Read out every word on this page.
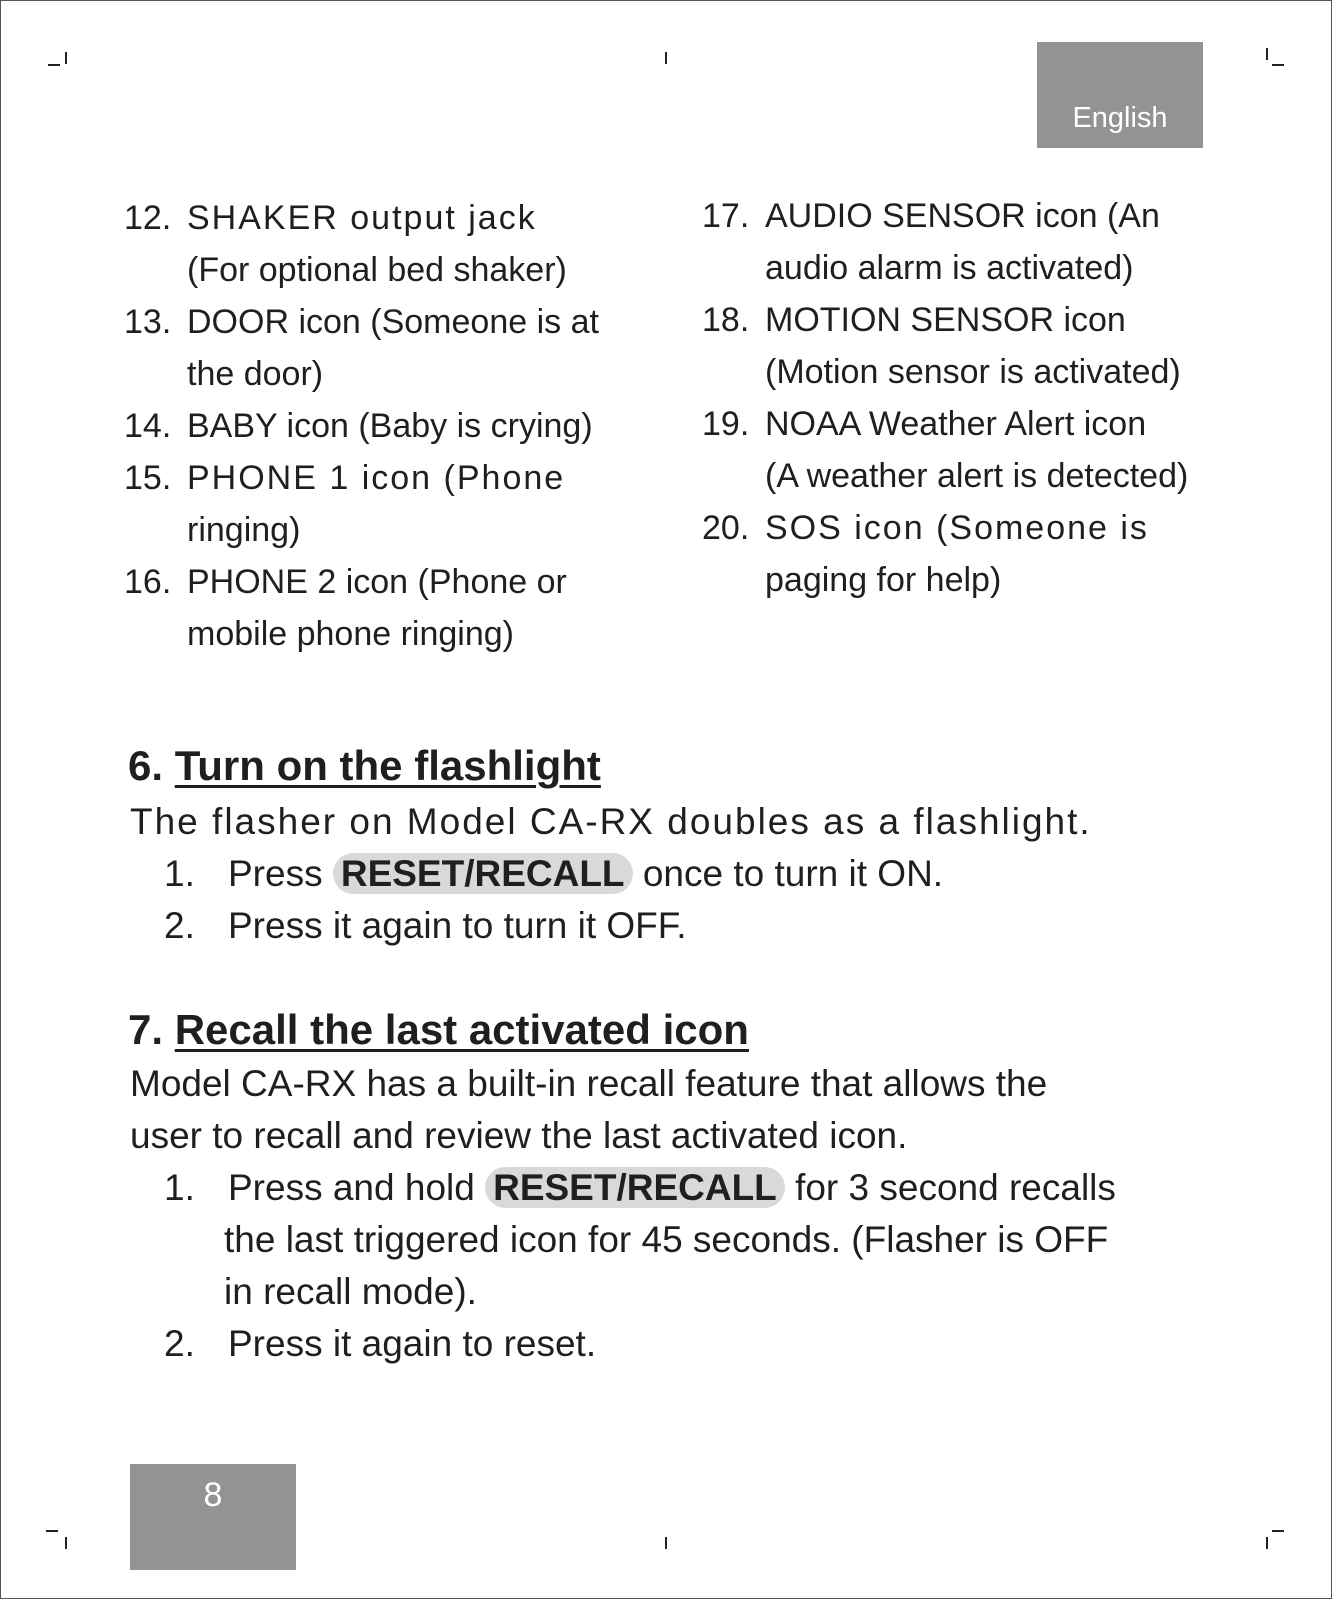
English
12. SHAKER output jack
(For optional bed shaker)
13. DOOR icon (Someone is at
the door)
14. BABY icon (Baby is crying)
15. PHONE 1 icon (Phone
ringing)
16. PHONE 2 icon (Phone or
mobile phone ringing)
17. AUDIO SENSOR icon (An
audio alarm is activated)
18. MOTION SENSOR icon
(Motion sensor is activated)
19. NOAA Weather Alert icon
(A weather alert is detected)
20. SOS icon (Someone is
paging for help)
6. Turn on the flashlight
The flasher on Model CA-RX doubles as a flashlight.
1. Press RESET/RECALL once to turn it ON.
2. Press it again to turn it OFF.
7. Recall the last activated icon
Model CA-RX has a built-in recall feature that allows the
user to recall and review the last activated icon.
1. Press and hold RESET/RECALL for 3 second recalls
the last triggered icon for 45 seconds. (Flasher is OFF
in recall mode).
2. Press it again to reset.
8
